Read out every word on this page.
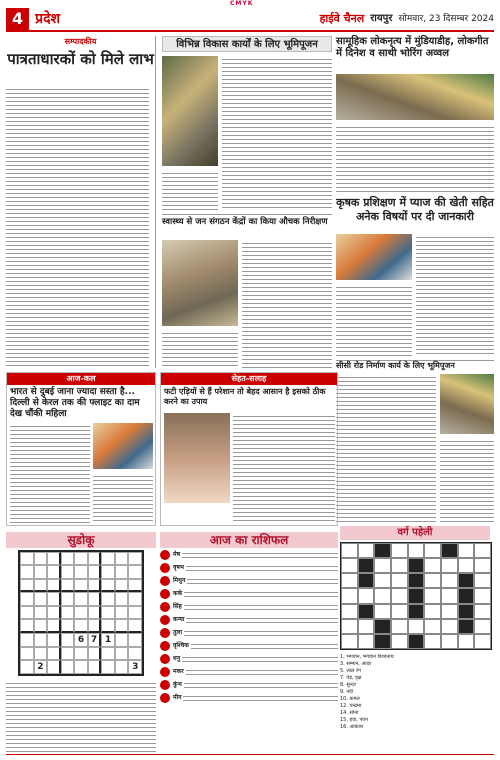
CMYK
4 प्रदेश	हाईवे चैनल रायपुर सोमवार, 23 दिसम्बर 2024
सम्पादकीय
पात्रताधारकों को मिले लाभ
विभिन्न विकास कार्यों के लिए भूमिपूजन	सामूहिक लोकनृत्य में मुंडियाडीह, लोकगीत में दिनेश व साथी भोरिंग अव्वल
स्वास्थ्य से जन संगठन केंद्रों का किया औचक निरीक्षण
कृषक प्रशिक्षण में प्याज की खेती सहित अनेक विषयों पर दी जानकारी
सीसी रोड निर्माण कार्य के लिए भूमिपूजन
आज-कल
भारत से दुबई जाना ज्यादा सस्ता है... दिल्ली से केरल तक की फ्लाइट का दाम देख चौंकी महिला
सेहत-सलाह
फटी एड़ियों से हैं परेशान तो बेहद आसान है इसको ठीक करने का उपाय
सुडोकू
6 7 1
2	3
आज का राशिफल
मेष
वृषभ
मिथुन
कर्क
सिंह
कन्या
तुला
वृश्चिक
धनु
मकर
कुंभ
मीन
वर्ग पहेली
1. भगवान, भगवान विश्वनाथ
3. सम्मान, आदर
5. लाल रंग
7. पेड़, वृक्ष
8. सुन्दर
9. नदी
10. कमल
12. चन्द्रमा
14. सोना
15. हवा, पवन
16. आकाश
